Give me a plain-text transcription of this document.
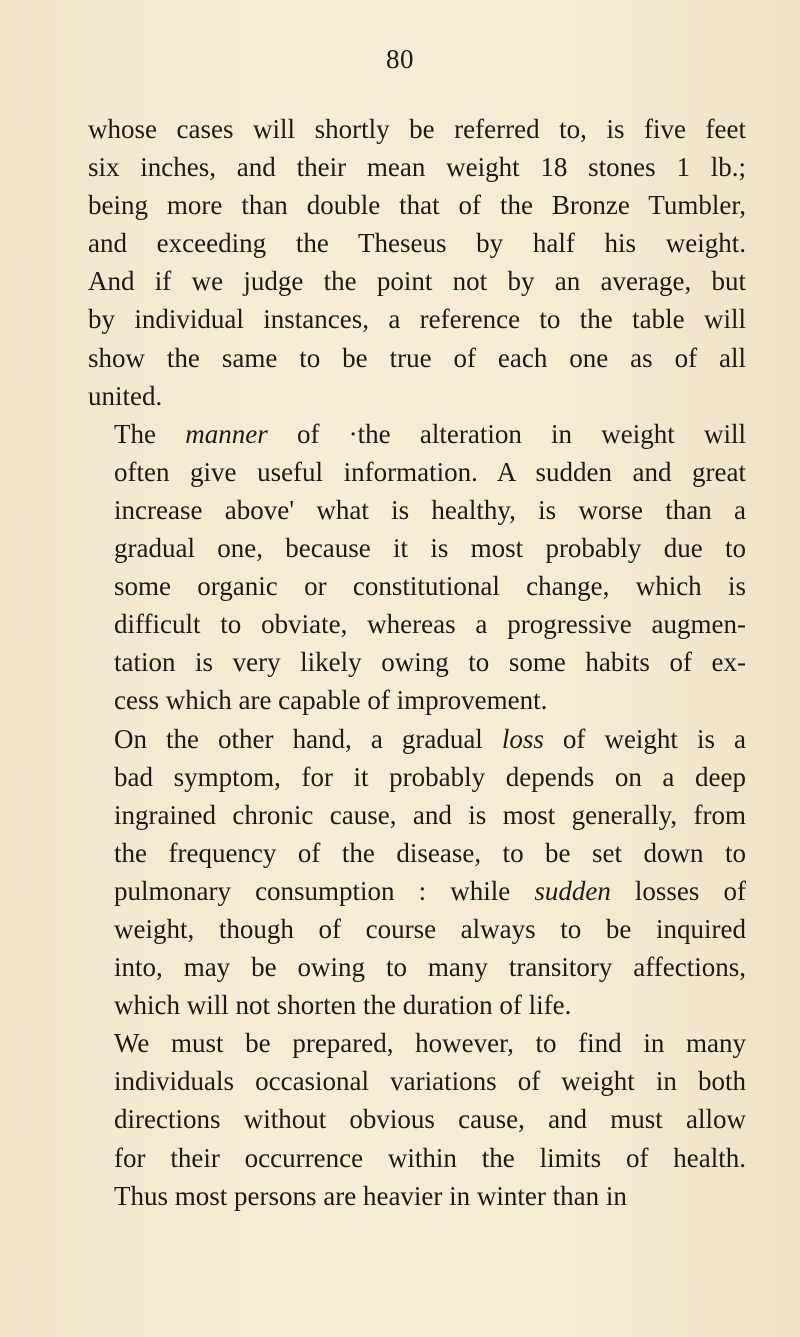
80

whose cases will shortly be referred to, is five feet
six inches, and their mean weight 18 stones 1 lb.;
being more than double that of the Bronze Tumbler,
and exceeding the Theseus by half his weight.
And if we judge the point not by an average, but
by individual instances, a reference to the table will
show the same to be true of each one as of all
united.

The manner of ·the alteration in weight will
often give useful information. A sudden and great
increase above' what is healthy, is worse than a
gradual one, because it is most probably due to
some organic or constitutional change, which is
difficult to obviate, whereas a progressive augmen-
tation is very likely owing to some habits of ex-
cess which are capable of improvement.

On the other hand, a gradual loss of weight is a
bad symptom, for it probably depends on a deep
ingrained chronic cause, and is most generally, from
the frequency of the disease, to be set down to
pulmonary consumption : while sudden losses of
weight, though of course always to be inquired
into, may be owing to many transitory affections,
which will not shorten the duration of life.

We must be prepared, however, to find in many
individuals occasional variations of weight in both
directions without obvious cause, and must allow
for their occurrence within the limits of health.
Thus most persons are heavier in winter than in
